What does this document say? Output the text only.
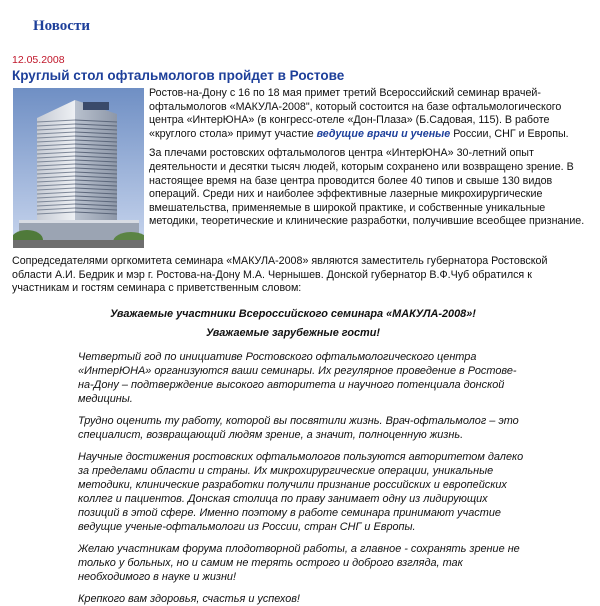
Новости
12.05.2008
Круглый стол офтальмологов пройдет в Ростове

Ростов-на-Дону с 16 по 18 мая примет третий Всероссийский семинар врачей-офтальмологов «МАКУЛА-2008", который состоится на базе офтальмологического центра «ИнтерЮНА» (в конгресс-отеле «Дон-Плаза» (Б.Садовая, 115). В работе «круглого стола» примут участие ведущие врачи и ученые России, СНГ и Европы.

За плечами ростовских офтальмологов центра «ИнтерЮНА» 30-летний опыт деятельности и десятки тысяч людей, которым сохранено или возвращено зрение. В настоящее время на базе центра проводится более 40 типов и свыше 130 видов операций. Среди них и наиболее эффективные лазерные микрохирургические вмешательства, применяемые в широкой практике, и собственные уникальные методики, теоретические и клинические разработки, получившие всеобщее признание.

Сопредседателями оргкомитета семинара «МАКУЛА-2008» являются заместитель губернатора Ростовской области А.И. Бедрик и мэр г. Ростова-на-Дону М.А. Чернышев. Донской губернатор В.Ф.Чуб обратился к участникам и гостям семинара с приветственным словом:

Уважаемые участники Всероссийского семинара «МАКУЛА-2008»!

Уважаемые зарубежные гости!

Четвертый год по инициативе Ростовского офтальмологического центра «ИнтерЮНА» организуются ваши семинары. Их регулярное проведение в Ростове-на-Дону – подтверждение высокого авторитета и научного потенциала донской медицины.

Трудно оценить ту работу, которой вы посвятили жизнь. Врач-офтальмолог – это специалист, возвращающий людям зрение, а значит, полноценную жизнь.

Научные достижения ростовских офтальмологов пользуются авторитетом далеко за пределами области и страны. Их микрохирургические операции, уникальные методики, клинические разработки получили признание российских и европейских коллег и пациентов. Донская столица по праву занимает одну из лидирующих позиций в этой сфере. Именно поэтому в работе семинара принимают участие ведущие ученые-офтальмологи из России, стран СНГ и Европы.

Желаю участникам форума плодотворной работы, а главное - сохранять зрение не только у больных, но и самим не терять острого и доброго взгляда, так необходимого в науке и жизни!

Крепкого вам здоровья, счастья и успехов!
